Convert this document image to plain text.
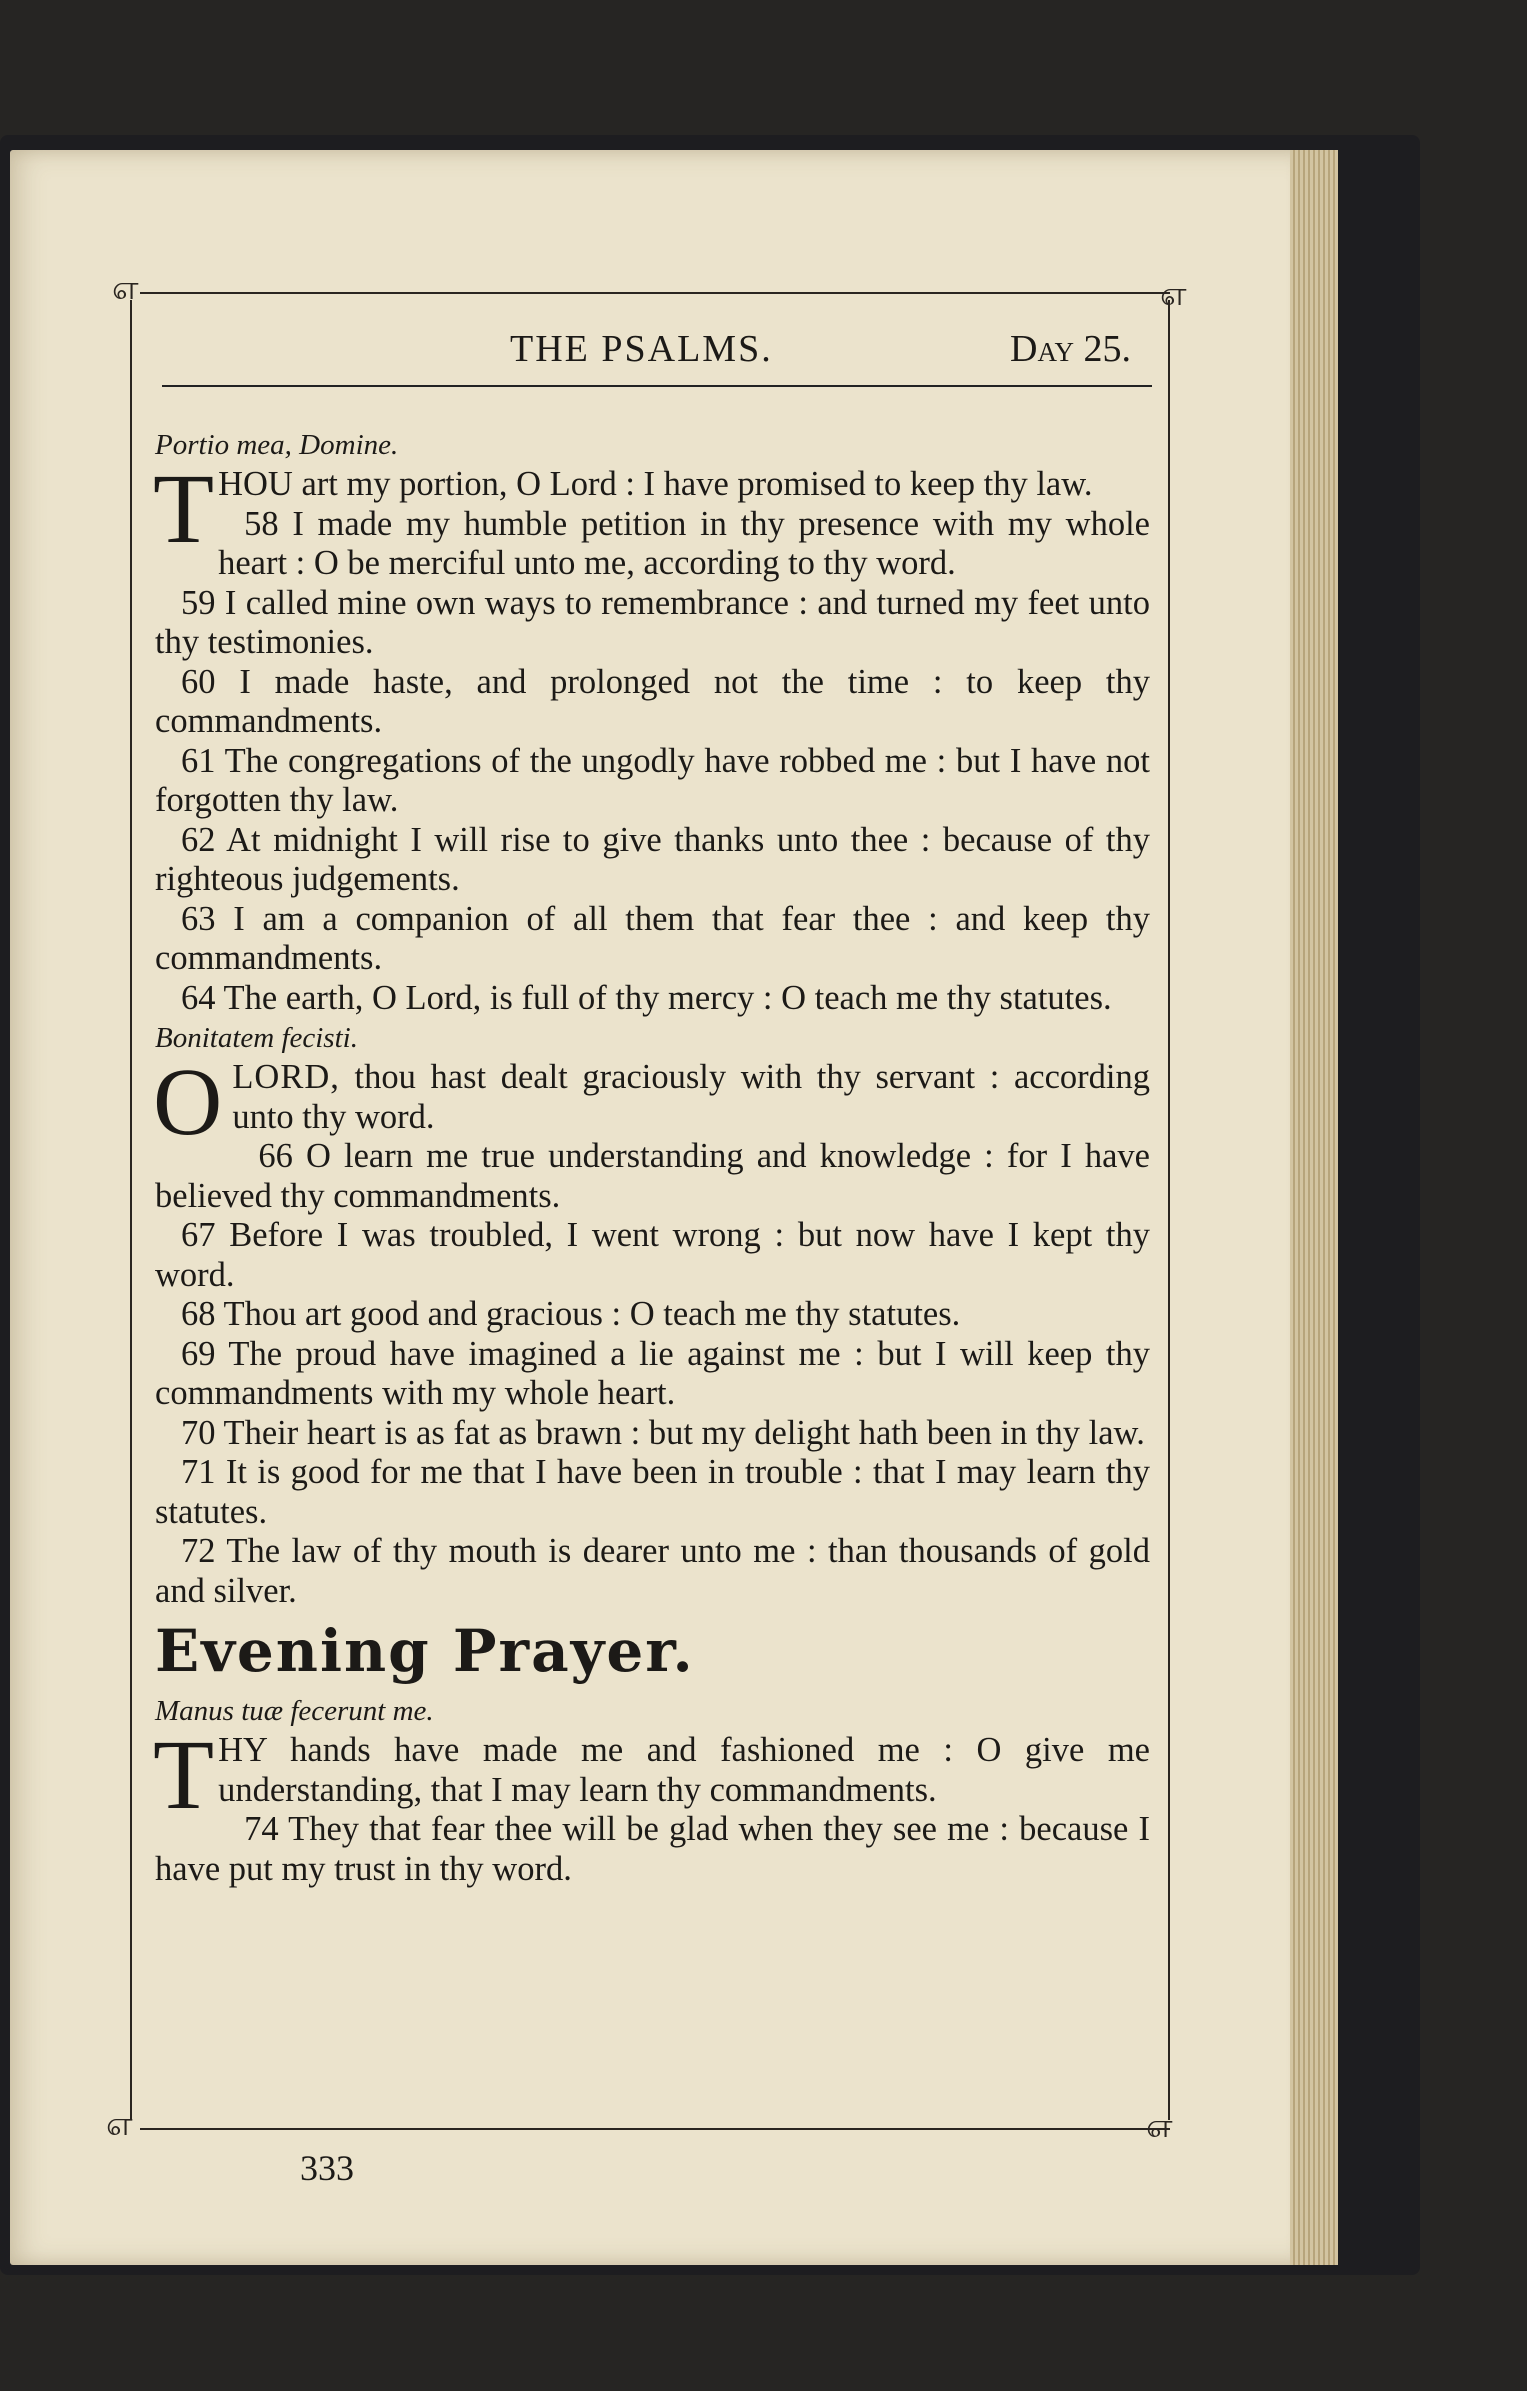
எ	எ
எ	எ
THE PSALMS.	Day 25.

Portio mea, Domine.

THOU art my portion, O Lord : I have promised to keep thy law.

58 I made my humble petition in thy presence with my whole heart : O be merciful unto me, according to thy word.

59 I called mine own ways to remembrance : and turned my feet unto thy testimonies.

60 I made haste, and prolonged not the time : to keep thy commandments.

61 The congregations of the ungodly have robbed me : but I have not forgotten thy law.

62 At midnight I will rise to give thanks unto thee : because of thy righteous judgements.

63 I am a companion of all them that fear thee : and keep thy commandments.

64 The earth, O Lord, is full of thy mercy : O teach me thy statutes.

Bonitatem fecisti.

OLORD, thou hast dealt graciously with thy servant : according unto thy word.

66 O learn me true understanding and knowledge : for I have believed thy commandments.

67 Before I was troubled, I went wrong : but now have I kept thy word.

68 Thou art good and gracious : O teach me thy statutes.

69 The proud have imagined a lie against me : but I will keep thy commandments with my whole heart.

70 Their heart is as fat as brawn : but my delight hath been in thy law.

71 It is good for me that I have been in trouble : that I may learn thy statutes.

72 The law of thy mouth is dearer unto me : than thousands of gold and silver.

Evening Prayer.

Manus tuæ fecerunt me.

THY hands have made me and fashioned me : O give me understanding, that I may learn thy commandments.

74 They that fear thee will be glad when they see me : because I have put my trust in thy word.

333
